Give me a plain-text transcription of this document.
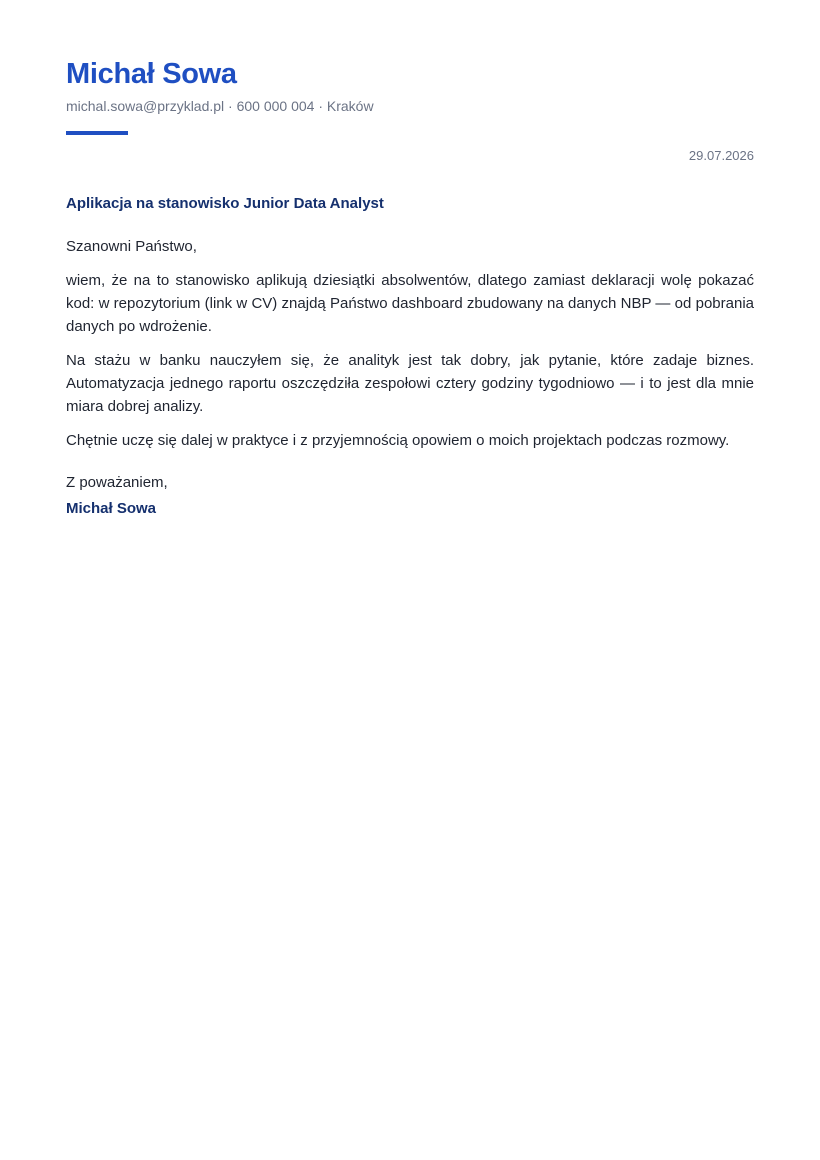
Michał Sowa

michal.sowa@przyklad.pl · 600 000 004 · Kraków

29.07.2026

Aplikacja na stanowisko Junior Data Analyst

Szanowni Państwo,

wiem, że na to stanowisko aplikują dziesiątki absolwentów, dlatego zamiast deklaracji wolę pokazać kod: w repozytorium (link w CV) znajdą Państwo dashboard zbudowany na danych NBP — od pobrania danych po wdrożenie.

Na stażu w banku nauczyłem się, że analityk jest tak dobry, jak pytanie, które zadaje biznes. Automatyzacja jednego raportu oszczędziła zespołowi cztery godziny tygodniowo — i to jest dla mnie miara dobrej analizy.

Chętnie uczę się dalej w praktyce i z przyjemnością opowiem o moich projektach podczas rozmowy.

Z poważaniem,

Michał Sowa
